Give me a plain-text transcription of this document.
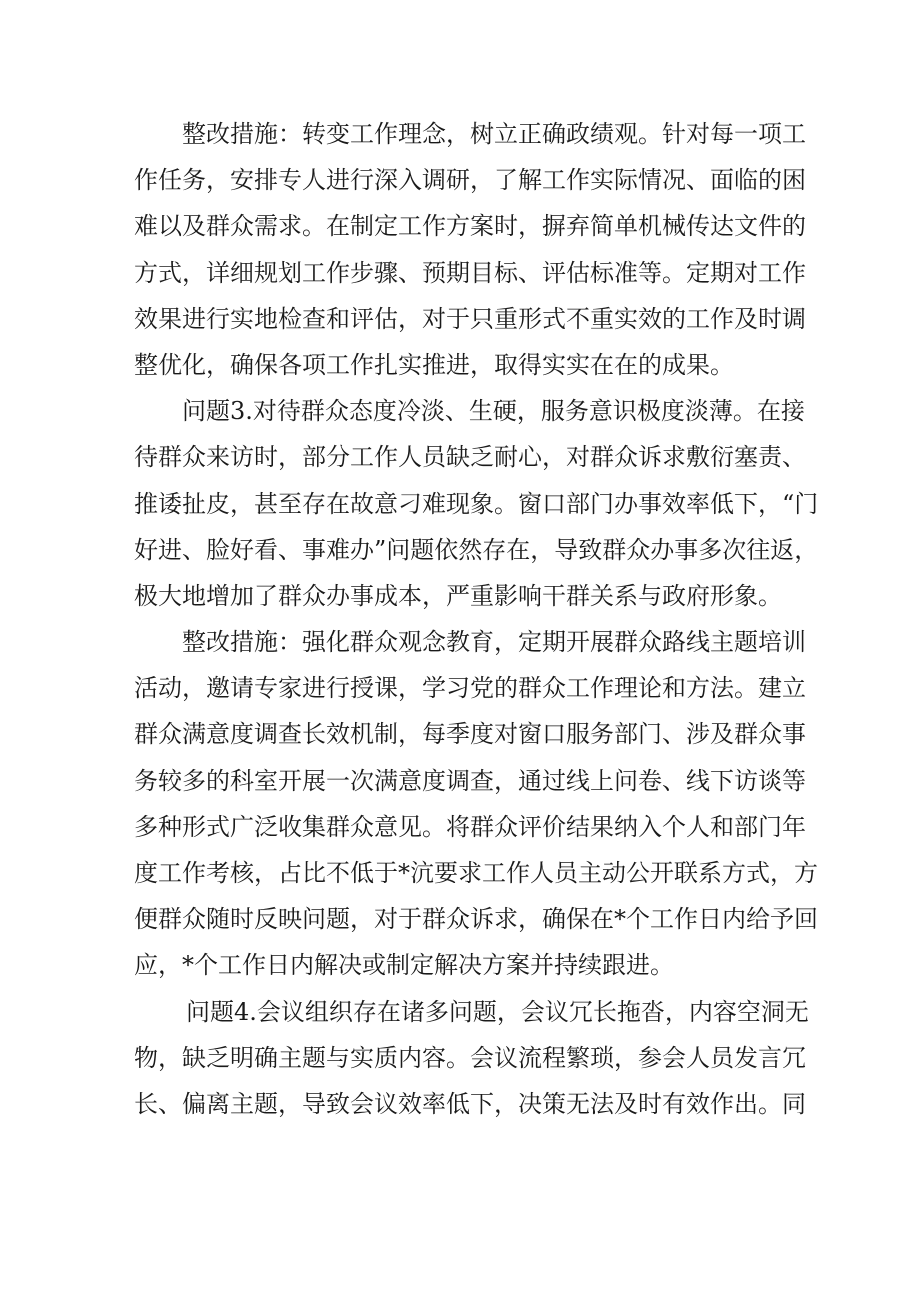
整改措施：转变工作理念，树立正确政绩观。针对每一项工
作任务，安排专人进行深入调研，了解工作实际情况、面临的困
难以及群众需求。在制定工作方案时，摒弃简单机械传达文件的
方式，详细规划工作步骤、预期目标、评估标准等。定期对工作
效果进行实地检查和评估，对于只重形式不重实效的工作及时调
整优化，确保各项工作扎实推进，取得实实在在的成果。
问题3.对待群众态度冷淡、生硬，服务意识极度淡薄。在接
待群众来访时，部分工作人员缺乏耐心，对群众诉求敷衍塞责、
推诿扯皮，甚至存在故意刁难现象。窗口部门办事效率低下，“门
好进、脸好看、事难办”问题依然存在，导致群众办事多次往返，
极大地增加了群众办事成本，严重影响干群关系与政府形象。
整改措施：强化群众观念教育，定期开展群众路线主题培训
活动，邀请专家进行授课，学习党的群众工作理论和方法。建立
群众满意度调查长效机制，每季度对窗口服务部门、涉及群众事
务较多的科室开展一次满意度调查，通过线上问卷、线下访谈等
多种形式广泛收集群众意见。将群众评价结果纳入个人和部门年
度工作考核，占比不低于*沆要求工作人员主动公开联系方式，方
便群众随时反映问题，对于群众诉求，确保在*个工作日内给予回
应，*个工作日内解决或制定解决方案并持续跟进。
问题4.会议组织存在诸多问题，会议冗长拖沓，内容空洞无
物，缺乏明确主题与实质内容。会议流程繁琐，参会人员发言冗
长、偏离主题，导致会议效率低下，决策无法及时有效作出。同
